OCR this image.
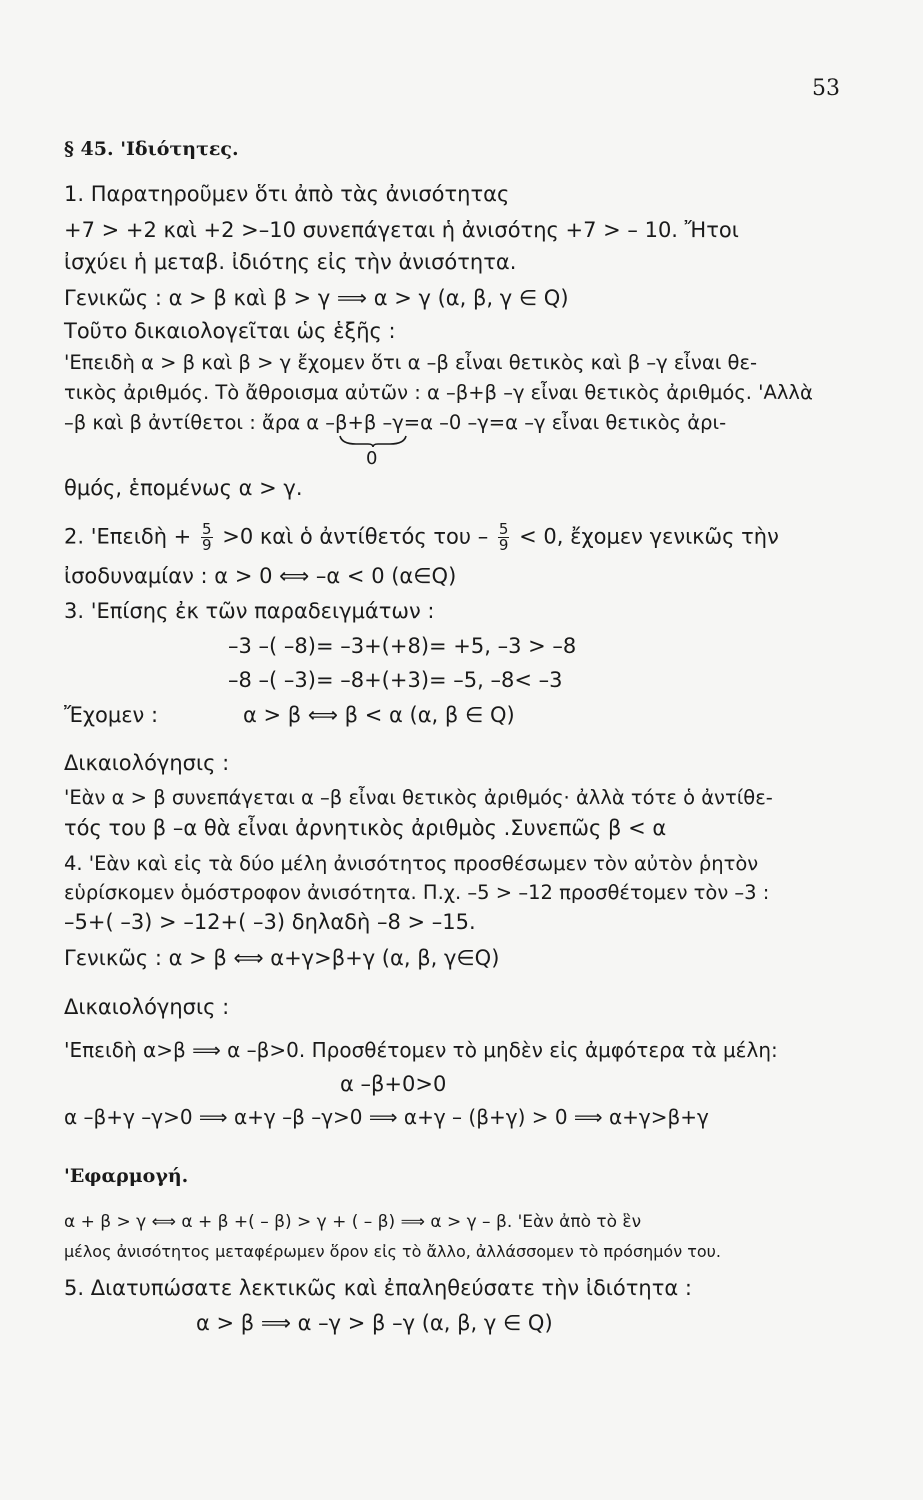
53
§ 45. 'Ιδιότητες.
1. Παρατηροῦμεν ὅτι ἀπὸ τὰς ἀνισότητας
+7 > +2 καὶ +2 >–10 συνεπάγεται ἡ ἀνισότης +7 > – 10. Ἤτοι
ἰσχύει ἡ μεταβ. ἰδιότης εἰς τὴν ἀνισότητα.
Γενικῶς : α > β καὶ β > γ ⟹ α > γ (α, β, γ ∈ Q)
Τοῦτο δικαιολογεῖται ὡς ἑξῆς :
'Επειδὴ α > β καὶ β > γ ἔχομεν ὅτι α –β εἶναι θετικὸς καὶ β –γ εἶναι θε-
τικὸς ἀριθμός. Τὸ ἄθροισμα αὐτῶν : α –β+β –γ εἶναι θετικὸς ἀριθμός. 'Αλλὰ
–β καὶ β ἀντίθετοι : ἄρα α –β+β –γ=α –0 –γ=α –γ εἶναι θετικὸς ἀρι-
0
θμός, ἑπομένως α > γ.
2. 'Επειδὴ + $\frac{5}{9} >0$ καὶ ὁ ἀντίθετός $\tau o\upsilon - \frac{5}{9} < 0$, ἔχομεν γενικῶς τὴν
ἰσοδυναμίαν : α > 0 ⟺ –α < 0 (α∈Q)
3. 'Επίσης ἐκ τῶν παραδειγμάτων :
–3 –( –8)= –3+(+8)= +5, –3 > –8
–8 –( –3)= –8+(+3)= –5, –8< –3
Ἔχομεν :	α > β ⟺ β < α (α, β ∈ Q)
Δικαιολόγησις :
'Εὰν α > β συνεπάγεται α –β εἶναι θετικὸς ἀριθμός· ἀλλὰ τότε ὁ ἀντίθε-
τός του β –α θὰ εἶναι ἀρνητικὸς ἀριθμὸς .Συνεπῶς β < α
4. 'Εὰν καὶ εἰς τὰ δύο μέλη ἀνισότητος προσθέσωμεν τὸν αὐτὸν ῥητὸν
εὑρίσκομεν ὁμόστροφον ἀνισότητα. Π.χ. –5 > –12 προσθέτομεν τὸν –3 :
–5+( –3) > –12+( –3) δηλαδὴ –8 > –15.
Γενικῶς : α > β ⟺ α+γ>β+γ (α, β, γ∈Q)
Δικαιολόγησις :
'Επειδὴ α>β ⟹ α –β>0. Προσθέτομεν τὸ μηδὲν εἰς ἀμφότερα τὰ μέλη:
α –β+0>0
α –β+γ –γ>0 ⟹ α+γ –β –γ>0 ⟹ α+γ – (β+γ) > 0 ⟹ α+γ>β+γ
'Εφαρμογή.
α + β > γ ⟺ α + β +( – β) > γ + ( – β) ⟹ α > γ – β. 'Εὰν ἀπὸ τὸ ἓν
μέλος ἀνισότητος μεταφέρωμεν ὅρον εἰς τὸ ἄλλο, ἀλλάσσομεν τὸ πρόσημόν του.
5. Διατυπώσατε λεκτικῶς καὶ ἐπαληθεύσατε τὴν ἰδιότητα :
α > β ⟹ α –γ > β –γ (α, β, γ ∈ Q)
